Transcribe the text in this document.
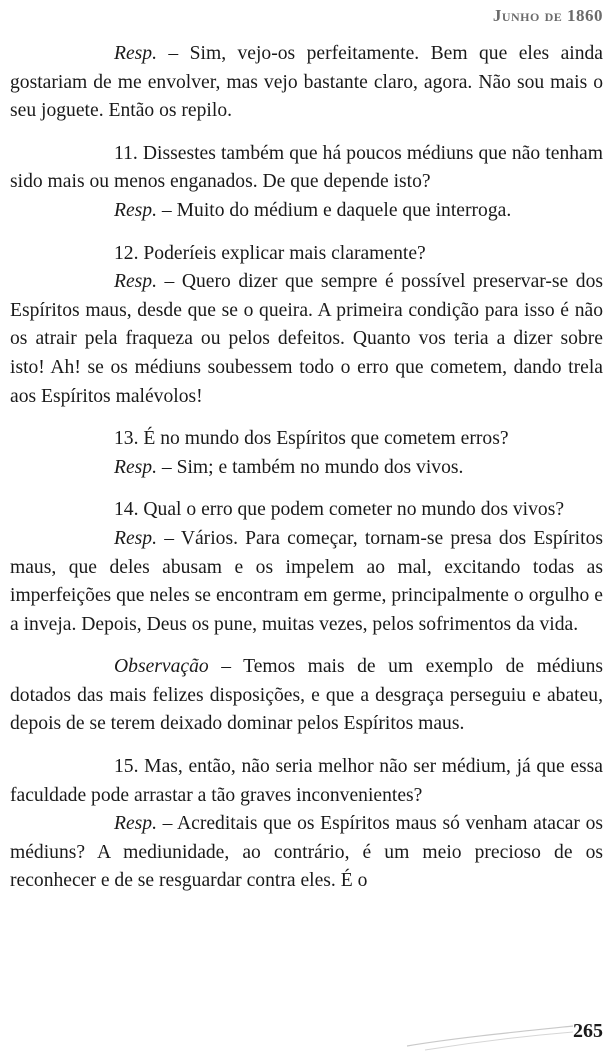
Junho de 1860

Resp. – Sim, vejo-os perfeitamente. Bem que eles ainda gostariam de me envolver, mas vejo bastante claro, agora. Não sou mais o seu joguete. Então os repilo.

11. Dissestes também que há poucos médiuns que não tenham sido mais ou menos enganados. De que depende isto?

Resp. – Muito do médium e daquele que interroga.

12. Poderíeis explicar mais claramente?

Resp. – Quero dizer que sempre é possível preservar-se dos Espíritos maus, desde que se o queira. A primeira condição para isso é não os atrair pela fraqueza ou pelos defeitos. Quanto vos teria a dizer sobre isto! Ah! se os médiuns soubessem todo o erro que cometem, dando trela aos Espíritos malévolos!

13. É no mundo dos Espíritos que cometem erros?

Resp. – Sim; e também no mundo dos vivos.

14. Qual o erro que podem cometer no mundo dos vivos?

Resp. – Vários. Para começar, tornam-se presa dos Espíritos maus, que deles abusam e os impelem ao mal, excitando todas as imperfeições que neles se encontram em germe, principalmente o orgulho e a inveja. Depois, Deus os pune, muitas vezes, pelos sofrimentos da vida.

Observação – Temos mais de um exemplo de médiuns dotados das mais felizes disposições, e que a desgraça perseguiu e abateu, depois de se terem deixado dominar pelos Espíritos maus.

15. Mas, então, não seria melhor não ser médium, já que essa faculdade pode arrastar a tão graves inconvenientes?

Resp. – Acreditais que os Espíritos maus só venham atacar os médiuns? A mediunidade, ao contrário, é um meio precioso de os reconhecer e de se resguardar contra eles. É o

265
